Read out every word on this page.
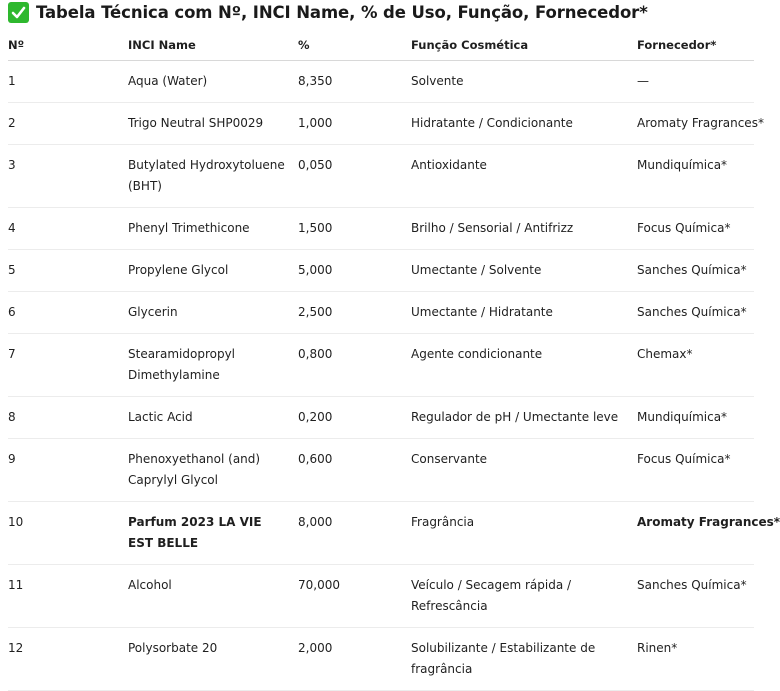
Tabela Técnica com Nº, INCI Name, % de Uso, Função, Fornecedor*
Nº	INCI Name	%	Função Cosmética	Fornecedor*
1	Aqua (Water)	8,350	Solvente	—
2	Trigo Neutral SHP0029	1,000	Hidratante / Condicionante	Aromaty Fragrances*
3	Butylated Hydroxytoluene (BHT)	0,050	Antioxidante	Mundiquímica*
4	Phenyl Trimethicone	1,500	Brilho / Sensorial / Antifrizz	Focus Química*
5	Propylene Glycol	5,000	Umectante / Solvente	Sanches Química*
6	Glycerin	2,500	Umectante / Hidratante	Sanches Química*
7	Stearamidopropyl Dimethylamine	0,800	Agente condicionante	Chemax*
8	Lactic Acid	0,200	Regulador de pH / Umectante leve	Mundiquímica*
9	Phenoxyethanol (and) Caprylyl Glycol	0,600	Conservante	Focus Química*
10	Parfum 2023 LA VIE EST BELLE	8,000	Fragrância	Aromaty Fragrances*
11	Alcohol	70,000	Veículo / Secagem rápida / Refrescância	Sanches Química*
12	Polysorbate 20	2,000	Solubilizante / Estabilizante de fragrância	Rinen*
